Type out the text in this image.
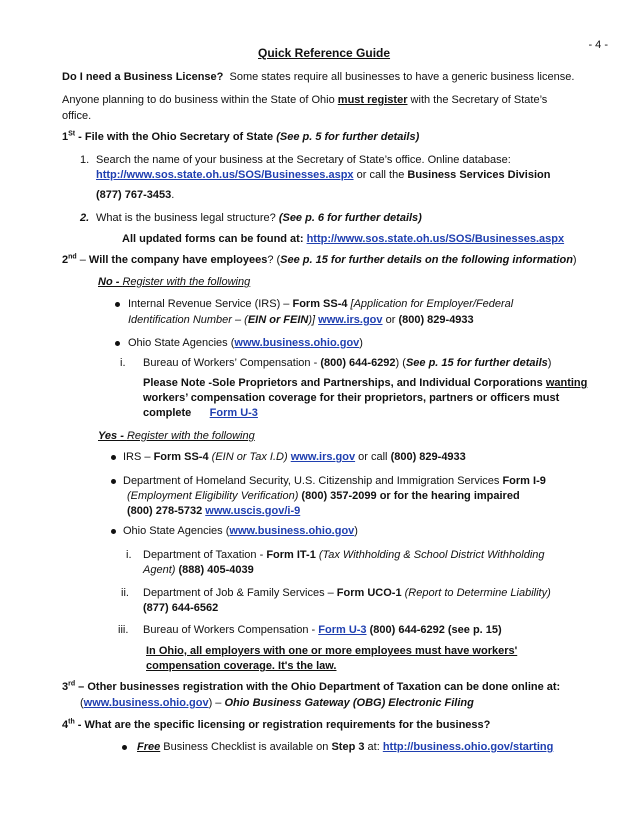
- 4 -
Quick Reference Guide
Do I need a Business License? Some states require all businesses to have a generic business license.
Anyone planning to do business within the State of Ohio must register with the Secretary of State’s
office.
1St - File with the Ohio Secretary of State (See p. 5 for further details)
1. Search the name of your business at the Secretary of State’s office. Online database:
http://www.sos.state.oh.us/SOS/Businesses.aspx or call the Business Services Division
(877) 767-3453.
2. What is the business legal structure? (See p. 6 for further details)
All updated forms can be found at: http://www.sos.state.oh.us/SOS/Businesses.aspx
2nd – Will the company have employees? (See p. 15 for further details on the following information)
No - Register with the following
Internal Revenue Service (IRS) – Form SS-4 [Application for Employer/Federal
Identification Number – (EIN or FEIN)] www.irs.gov or (800) 829-4933
Ohio State Agencies (www.business.ohio.gov)
i. Bureau of Workers’ Compensation - (800) 644-6292) (See p. 15 for further details)
Please Note -Sole Proprietors and Partnerships, and Individual Corporations wanting
workers’ compensation coverage for their proprietors, partners or officers must
complete Form U-3
Yes - Register with the following
IRS – Form SS-4 (EIN or Tax I.D) www.irs.gov or call (800) 829-4933
Department of Homeland Security, U.S. Citizenship and Immigration Services Form I-9
(Employment Eligibility Verification) (800) 357-2099 or for the hearing impaired
(800) 278-5732 www.uscis.gov/i-9
Ohio State Agencies (www.business.ohio.gov)
i. Department of Taxation - Form IT-1 (Tax Withholding & School District Withholding
Agent) (888) 405-4039
ii. Department of Job & Family Services – Form UCO-1 (Report to Determine Liability)
(877) 644-6562
iii. Bureau of Workers Compensation - Form U-3 (800) 644-6292 (see p. 15)
In Ohio, all employers with one or more employees must have workers'
compensation coverage. It's the law.
3rd – Other businesses registration with the Ohio Department of Taxation can be done online at:
(www.business.ohio.gov) – Ohio Business Gateway (OBG) Electronic Filing
4th - What are the specific licensing or registration requirements for the business?
Free Business Checklist is available on Step 3 at: http://business.ohio.gov/starting
